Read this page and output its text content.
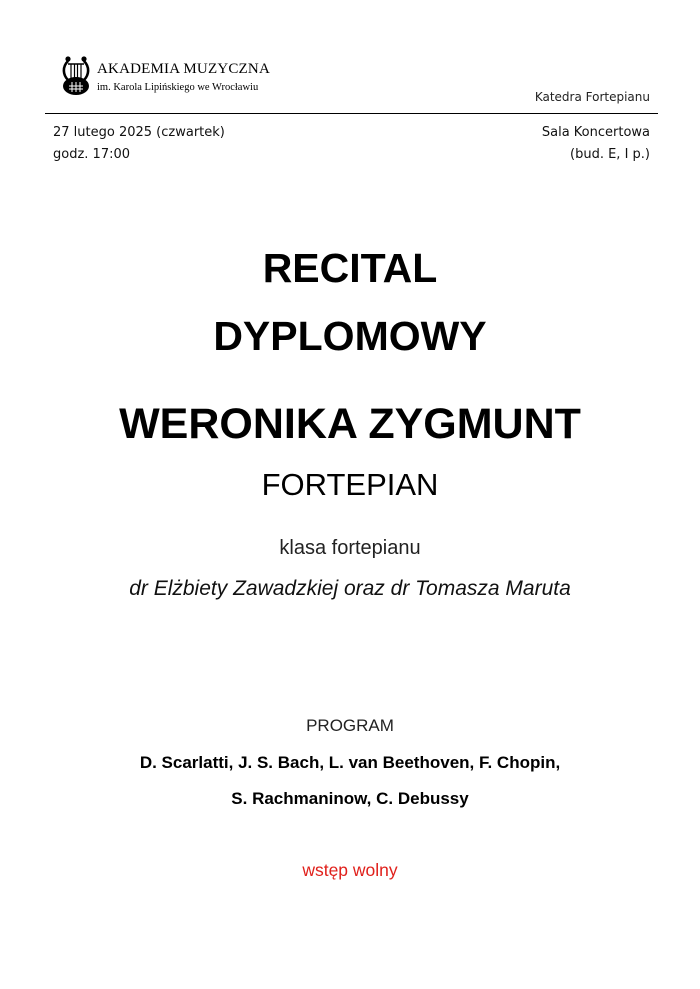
AKADEMIA MUZYCZNA
im. Karola Lipińskiego we Wrocławiu
Katedra Fortepianu
27 lutego 2025 (czwartek)
godz. 17:00
Sala Koncertowa
(bud. E, I p.)
RECITAL
DYPLOMOWY
WERONIKA ZYGMUNT
FORTEPIAN
klasa fortepianu
dr Elżbiety Zawadzkiej oraz dr Tomasza Maruta
PROGRAM
D. Scarlatti, J. S. Bach, L. van Beethoven, F. Chopin,
S. Rachmaninow, C. Debussy
wstęp wolny
